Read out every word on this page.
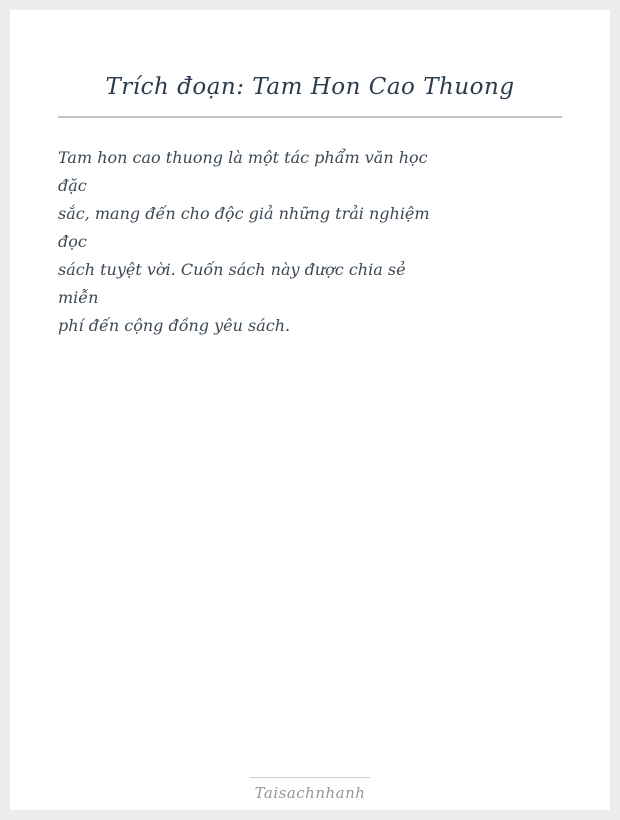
Trích đoạn: Tam Hon Cao Thuong
Tam hon cao thuong là một tác phẩm văn học
đặc
sắc, mang đến cho độc giả những trải nghiệm
đọc
sách tuyệt vời. Cuốn sách này được chia sẻ
miễn
phí đến cộng đồng yêu sách.
Taisachnhanh
